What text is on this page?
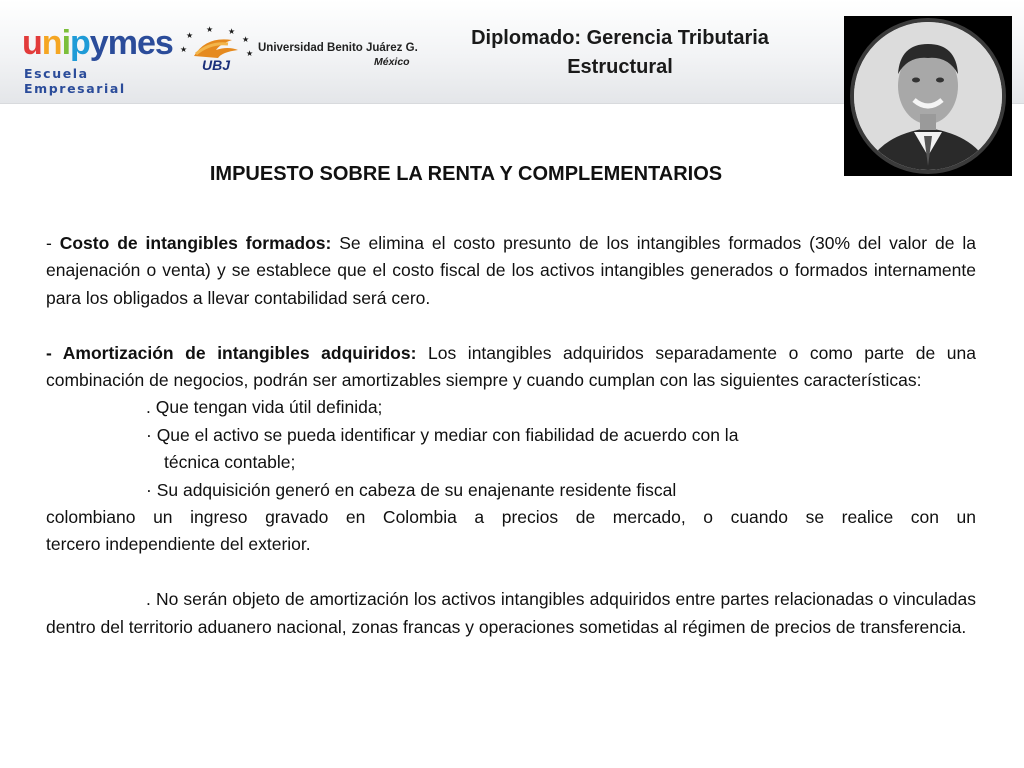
unipymes
Escuela Empresarial
★
★
★ ★
★
★
UBJ
Universidad Benito Juárez G.
México
Diplomado: Gerencia Tributaria
Estructural
IMPUESTO SOBRE LA RENTA Y COMPLEMENTARIOS

- Costo de intangibles formados: Se elimina el costo presunto de los intangibles formados (30% del valor de la enajenación o venta) y se establece que el costo fiscal de los activos intangibles generados o formados internamente para los obligados a llevar contabilidad será cero.

- Amortización de intangibles adquiridos: Los intangibles adquiridos separadamente o como parte de una combinación de negocios, podrán ser amortizables siempre y cuando cumplan con las siguientes características:

. Que tengan vida útil definida;
· Que el activo se pueda identificar y mediar con fiabilidad de acuerdo con la
técnica contable;
· Su adquisición generó en cabeza de su enajenante residente fiscal
colombiano un ingreso gravado en Colombia a precios de mercado, o cuando se realice con un
tercero independiente del exterior.

. No serán objeto de amortización los activos intangibles adquiridos entre partes relacionadas o vinculadas dentro del territorio aduanero nacional, zonas francas y operaciones sometidas al régimen de precios de transferencia.
